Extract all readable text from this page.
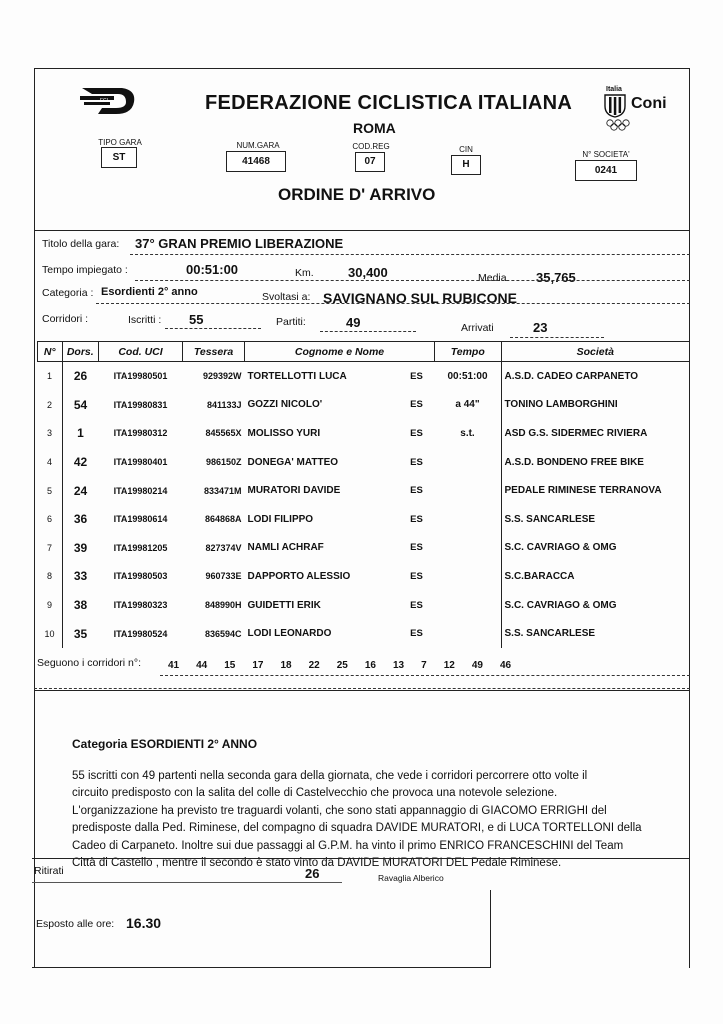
FCI	FEDERAZIONE CICLISTICA ITALIANA
ROMA
Italia
Coni
TIPO GARA
ST
NUM.GARA
41468
COD.REG
07
CIN
H
N° SOCIETA'
0241
ORDINE D' ARRIVO
Titolo della gara: 37° GRAN PREMIO LIBERAZIONE
Tempo impiegato :	00:51:00	Km.	30,400	Media 35,765
Categoria : Esordienti 2° anno	Svoltasi a: SAVIGNANO SUL RUBICONE
Corridori :	Iscritti : 55	Partiti:	49	Arrivati	23
N°	Dors.	Cod. UCI	Tessera	Cognome e Nome		Tempo	Società
1	26	ITA19980501	929392W	TORTELLOTTI LUCA	ES	00:51:00	A.S.D. CADEO CARPANETO
2	54	ITA19980831	841133J	GOZZI NICOLO'	ES	a 44"	TONINO LAMBORGHINI
3	1	ITA19980312	845565X	MOLISSO YURI	ES	s.t.	ASD G.S. SIDERMEC RIVIERA
4	42	ITA19980401	986150Z	DONEGA' MATTEO	ES		A.S.D. BONDENO FREE BIKE
5	24	ITA19980214	833471M	MURATORI DAVIDE	ES		PEDALE RIMINESE TERRANOVA
6	36	ITA19980614	864868A	LODI FILIPPO	ES		S.S. SANCARLESE
7	39	ITA19981205	827374V	NAMLI ACHRAF	ES		S.C. CAVRIAGO & OMG
8	33	ITA19980503	960733E	DAPPORTO ALESSIO	ES		S.C.BARACCA
9	38	ITA19980323	848990H	GUIDETTI ERIK	ES		S.C. CAVRIAGO & OMG
10	35	ITA19980524	836594C	LODI LEONARDO	ES		S.S. SANCARLESE
Seguono i corridori n°:	41 44 15 17 18 22 25 16 13 7 12 49 46
Categoria ESORDIENTI 2° ANNO

55 iscritti con 49 partenti nella seconda gara della giornata, che vede i corridori percorrere otto volte il

circuito predisposto con la salita del colle di Castelvecchio che provoca una notevole selezione.

L'organizzazione ha previsto tre traguardi volanti, che sono stati appannaggio di GIACOMO ERRIGHI del

predisposte dalla Ped. Riminese, del compagno di squadra DAVIDE MURATORI, e di LUCA TORTELLONI della

Cadeo di Carpaneto. Inoltre sui due passaggi al G.P.M. ha vinto il primo ENRICO FRANCESCHINI del Team

Città di Castello , mentre il secondo è stato vinto da DAVIDE MURATORI DEL Pedale Riminese.

Ritirati	26	Ravaglia Alberico
Esposto alle ore: 16.30
